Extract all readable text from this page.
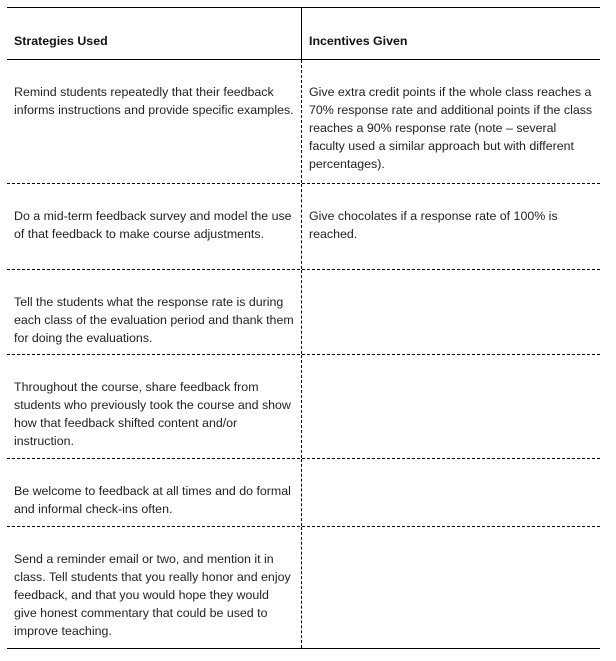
Strategies Used	Incentives Given
Remind students repeatedly that their feedback informs instructions and provide specific examples.
Give extra credit points if the whole class reaches a 70% response rate and additional points if the class reaches a 90% response rate (note – several faculty used a similar approach but with different percentages).
Do a mid-term feedback survey and model the use of that feedback to make course adjustments.
Give chocolates if a response rate of 100% is reached.
Tell the students what the response rate is during each class of the evaluation period and thank them for doing the evaluations.
Throughout the course, share feedback from students who previously took the course and show how that feedback shifted content and/or instruction.
Be welcome to feedback at all times and do formal and informal check-ins often.
Send a reminder email or two, and mention it in class. Tell students that you really honor and enjoy feedback, and that you would hope they would give honest commentary that could be used to improve teaching.
